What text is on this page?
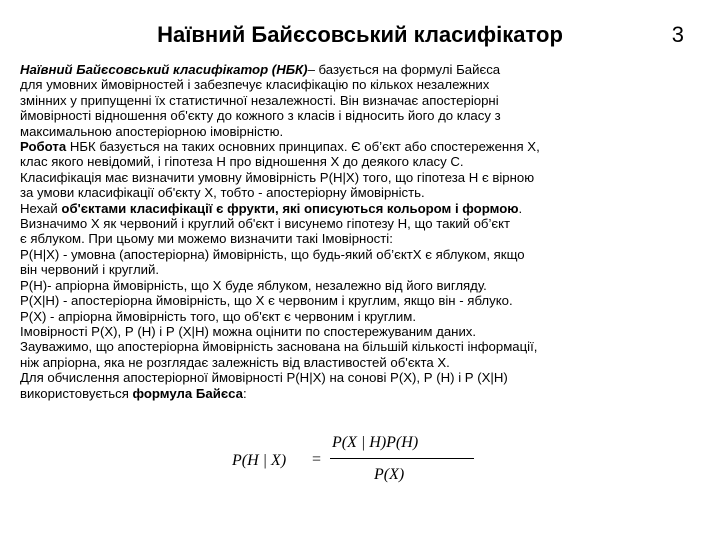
Наївний Байєсовський класифікатор	3
Наївний Байєсовський класифікатор (НБК)– базується на формулі Байєса
для умовних ймовірностей і забезпечує класифікацію по кількох незалежних
змінних у припущенні їх статистичної незалежності. Він визначає апостеріорні
ймовірності відношення об'єкту до кожного з класів і відносить його до класу з
максимальною апостеріорною імовірністю.
Робота НБК базується на таких основних принципах. Є об’єкт або спостереження Х,
клас якого невідомий, і гіпотеза Н про відношення Х до деякого класу С.
Класифікація має визначити умовну ймовірність Р(Н|Х) того, що гіпотеза Н є вірною
за умови класифікації об'єкту Х, тобто - апостеріорну ймовірність.
Нехай об'єктами класифікації є фрукти, які описуються кольором і формою.
Визначимо Х як червоний і круглий об'єкт і висунемо гіпотезу Н, що такий об’єкт
є яблуком. При цьому ми можемо визначити такі Імовірності:
Р(Н|Х) - умовна (апостеріорна) ймовірність, що будь-який об’єктХ є яблуком, якщо
він червоний і круглий.
Р(Н)- апріорна ймовірність, що Х буде яблуком, незалежно від його вигляду.
Р(Х|Н) - апостеріорна ймовірність, що Х є червоним і круглим, якщо він - яблуко.
Р(Х) - апріорна ймовірність того, що об'єкт є червоним і круглим.
Імовірності Р(Х), Р (Н) і Р (Х|Н) можна оцінити по спостережуваним даних.
Зауважимо, що апостеріорна ймовірність заснована на більшій кількості інформації,
ніж апріорна, яка не розглядає залежність від властивостей об'єкта Х.
Для обчислення апостеріорної ймовірності Р(Н|Х) на сонові Р(Х), Р (Н) і Р (Х|Н)
використовується формула Байєса:
P(H | X) =
P(X | H)P(H)
P(X)
